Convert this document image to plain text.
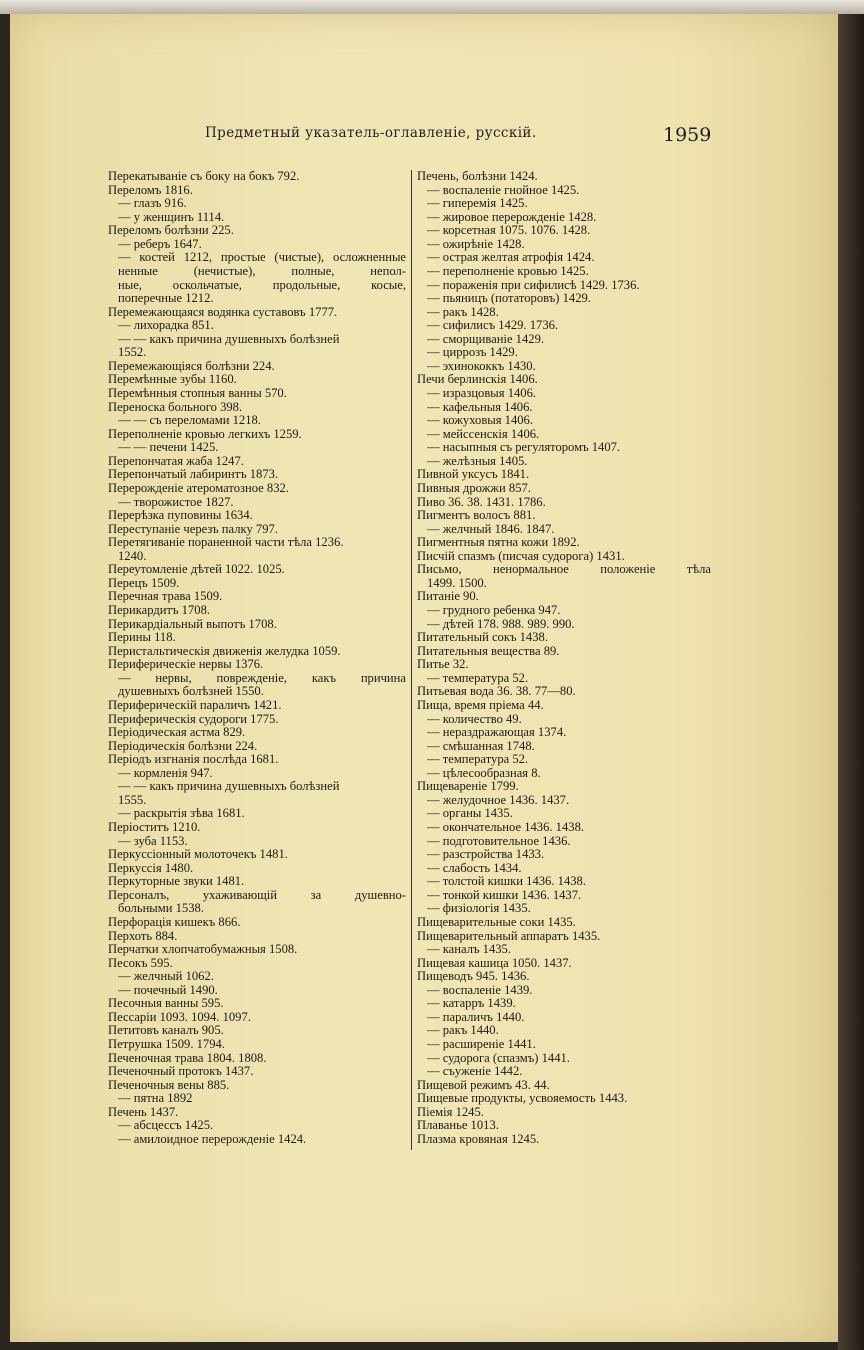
Предметный указатель-оглавленіе, русскій.	1959
Перекатываніе съ боку на бокъ 792.
Переломъ 1816.
— глазъ 916.
— у женщинъ 1114.
Переломъ болѣзни 225.
— реберъ 1647.
— костей 1212, простые (чистые), осложненные
ненные (нечистые), полные, непол-
ные, оскольчатые, продольные, косые,
поперечные 1212.
Перемежающаяся водянка суставовъ 1777.
— лихорадка 851.
— — какъ причина душевныхъ болѣзней
1552.
Перемежающіяся болѣзни 224.
Перемѣнные зубы 1160.
Перемѣнныя стопныя ванны 570.
Переноска больного 398.
— — съ переломами 1218.
Переполненіе кровью легкихъ 1259.
— — печени 1425.
Перепончатая жаба 1247.
Перепончатый лабиринтъ 1873.
Перерожденіе атероматозное 832.
— творожистое 1827.
Перерѣзка пуповины 1634.
Переступаніе черезъ палку 797.
Перетягиваніе пораненной части тѣла 1236.
1240.
Переутомленіе дѣтей 1022. 1025.
Перецъ 1509.
Перечная трава 1509.
Перикардитъ 1708.
Перикардіальный выпотъ 1708.
Перины 118.
Перистальтическія движенія желудка 1059.
Периферическіе нервы 1376.
— нервы, поврежденіе, какъ причина
душевныхъ болѣзней 1550.
Периферическій параличъ 1421.
Периферическія судороги 1775.
Періодическая астма 829.
Періодическія болѣзни 224.
Періодъ изгнанія послѣда 1681.
— кормленія 947.
— — какъ причина душевныхъ болѣзней
1555.
— раскрытія зѣва 1681.
Періоститъ 1210.
— зуба 1153.
Перкуссіонный молоточекъ 1481.
Перкуссія 1480.
Перкуторные звуки 1481.
Персоналъ, ухаживающій за душевно-
больными 1538.
Перфорація кишекъ 866.
Перхоть 884.
Перчатки хлопчатобумажныя 1508.
Песокъ 595.
— желчный 1062.
— почечный 1490.
Песочныя ванны 595.
Пессаріи 1093. 1094. 1097.
Петитовъ каналъ 905.
Петрушка 1509. 1794.
Печеночная трава 1804. 1808.
Печеночный протокъ 1437.
Печеночныя вены 885.
— пятна 1892
Печень 1437.
— абсцессъ 1425.
— амилоидное перерожденіе 1424.
Печень, болѣзни 1424.
— воспаленіе гнойное 1425.
— гиперемія 1425.
— жировое перерожденіе 1428.
— корсетная 1075. 1076. 1428.
— ожирѣніе 1428.
— острая желтая атрофія 1424.
— переполненіе кровью 1425.
— пораженія при сифилисѣ 1429. 1736.
— пьяницъ (потаторовъ) 1429.
— ракъ 1428.
— сифилисъ 1429. 1736.
— сморщиваніе 1429.
— циррозъ 1429.
— эхинококкъ 1430.
Печи берлинскія 1406.
— изразцовыя 1406.
— кафельныя 1406.
— кожуховыя 1406.
— мейссенскія 1406.
— насыпныя съ регуляторомъ 1407.
— желѣзныя 1405.
Пивной уксусъ 1841.
Пивныя дрожжи 857.
Пиво 36. 38. 1431. 1786.
Пигментъ волосъ 881.
— желчный 1846. 1847.
Пигментныя пятна кожи 1892.
Писчій спазмъ (писчая судорога) 1431.
Письмо, ненормальное положеніе тѣла
1499. 1500.
Питаніе 90.
— грудного ребенка 947.
— дѣтей 178. 988. 989. 990.
Питательный сокъ 1438.
Питательныя вещества 89.
Питье 32.
— температура 52.
Питьевая вода 36. 38. 77—80.
Пища, время пріема 44.
— количество 49.
— нераздражающая 1374.
— смѣшанная 1748.
— температура 52.
— цѣлесообразная 8.
Пищевареніе 1799.
— желудочное 1436. 1437.
— органы 1435.
— окончательное 1436. 1438.
— подготовительное 1436.
— разстройства 1433.
— слабость 1434.
— толстой кишки 1436. 1438.
— тонкой кишки 1436. 1437.
— физіологія 1435.
Пищеварительные соки 1435.
Пищеварительный аппаратъ 1435.
— каналъ 1435.
Пищевая кашица 1050. 1437.
Пищеводъ 945. 1436.
— воспаленіе 1439.
— катарръ 1439.
— параличъ 1440.
— ракъ 1440.
— расширеніе 1441.
— судорога (спазмъ) 1441.
— съуженіе 1442.
Пищевой режимъ 43. 44.
Пищевые продукты, усвояемость 1443.
Піемія 1245.
Плаванье 1013.
Плазма кровяная 1245.
